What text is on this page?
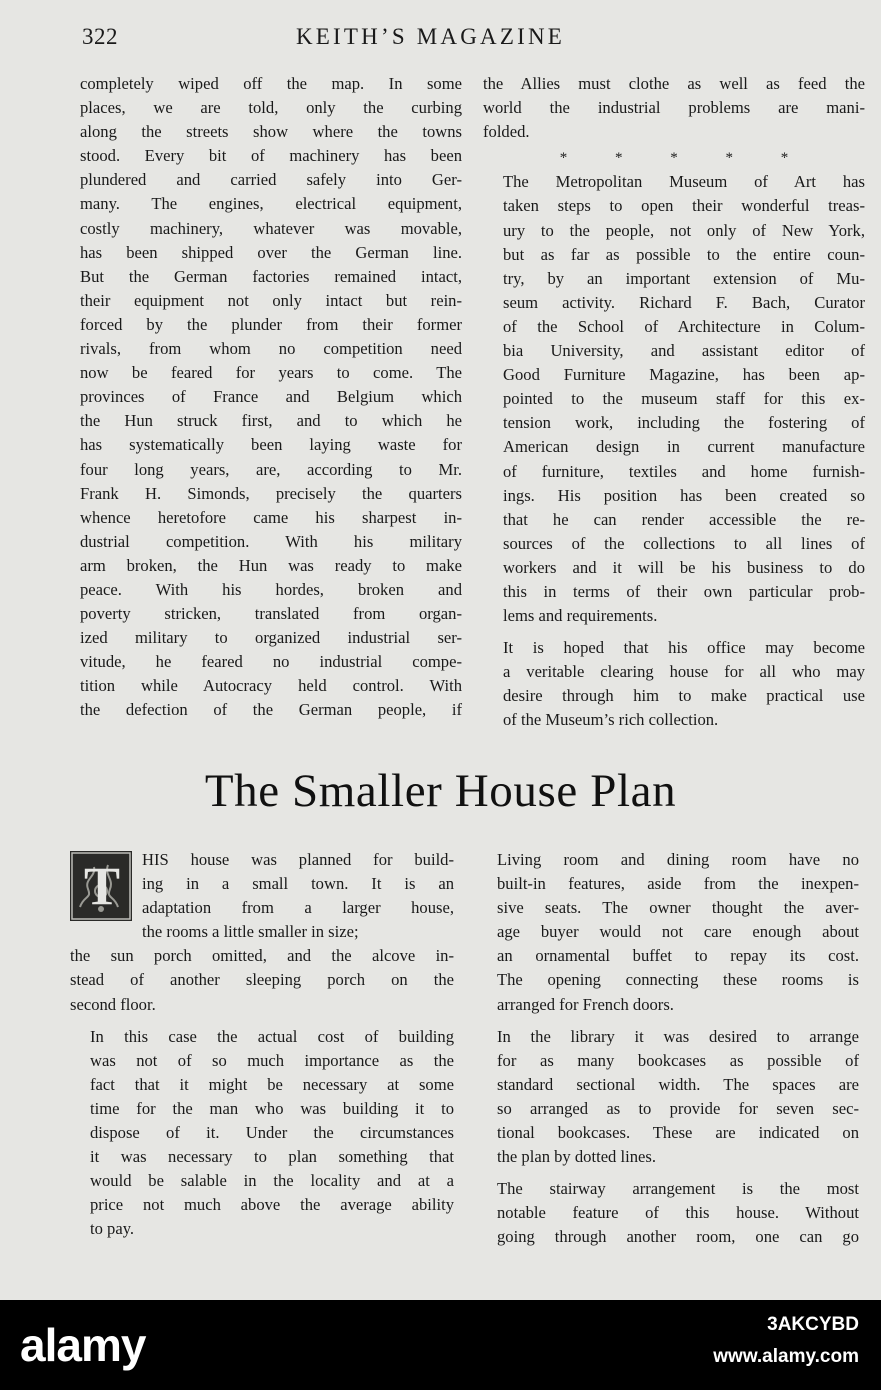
322	KEITH’S MAGAZINE

completely wiped off the map. In some
places, we are told, only the curbing
along the streets show where the towns
stood. Every bit of machinery has been
plundered and carried safely into Ger-
many. The engines, electrical equipment,
costly machinery, whatever was movable,
has been shipped over the German line.
But the German factories remained intact,
their equipment not only intact but rein-
forced by the plunder from their former
rivals, from whom no competition need
now be feared for years to come. The
provinces of France and Belgium which
the Hun struck first, and to which he
has systematically been laying waste for
four long years, are, according to Mr.
Frank H. Simonds, precisely the quarters
whence heretofore came his sharpest in-
dustrial competition. With his military
arm broken, the Hun was ready to make
peace. With his hordes, broken and
poverty stricken, translated from organ-
ized military to organized industrial ser-
vitude, he feared no industrial compe-
tition while Autocracy held control. With
the defection of the German people, if

the Allies must clothe as well as feed the
world the industrial problems are mani-
folded.

* * * * *

The Metropolitan Museum of Art has
taken steps to open their wonderful treas-
ury to the people, not only of New York,
but as far as possible to the entire coun-
try, by an important extension of Mu-
seum activity. Richard F. Bach, Curator
of the School of Architecture in Colum-
bia University, and assistant editor of
Good Furniture Magazine, has been ap-
pointed to the museum staff for this ex-
tension work, including the fostering of
American design in current manufacture
of furniture, textiles and home furnish-
ings. His position has been created so
that he can render accessible the re-
sources of the collections to all lines of
workers and it will be his business to do
this in terms of their own particular prob-
lems and requirements.

It is hoped that his office may become
a veritable clearing house for all who may
desire through him to make practical use
of the Museum’s rich collection.

The Smaller House Plan
T	HIS house was planned for build-
ing in a small town. It is an
adaptation from a larger house,
the rooms a little smaller in size;

the sun porch omitted, and the alcove in-
stead of another sleeping porch on the
second floor.

In this case the actual cost of building
was not of so much importance as the
fact that it might be necessary at some
time for the man who was building it to
dispose of it. Under the circumstances
it was necessary to plan something that
would be salable in the locality and at a
price not much above the average ability
to pay.

Living room and dining room have no
built-in features, aside from the inexpen-
sive seats. The owner thought the aver-
age buyer would not care enough about
an ornamental buffet to repay its cost.
The opening connecting these rooms is
arranged for French doors.

In the library it was desired to arrange
for as many bookcases as possible of
standard sectional width. The spaces are
so arranged as to provide for seven sec-
tional bookcases. These are indicated on
the plan by dotted lines.

The stairway arrangement is the most
notable feature of this house. Without
going through another room, one can go

alamy	3AKCYBD
www.alamy.com
